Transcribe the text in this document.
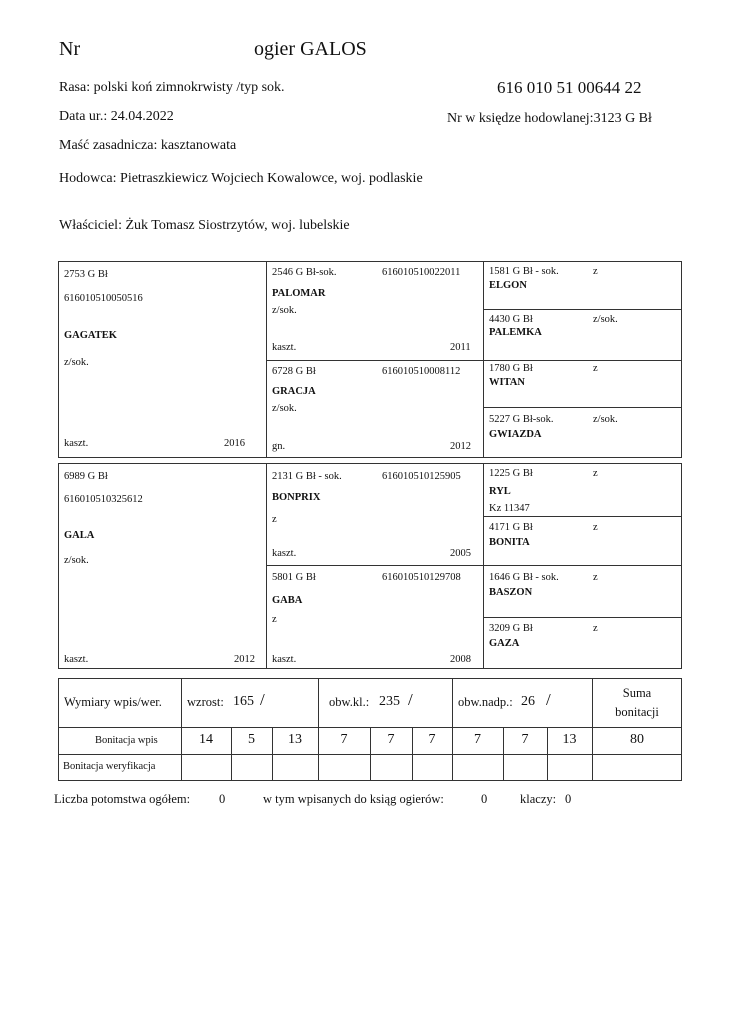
Nr	ogier GALOS
Rasa: polski koń zimnokrwisty /typ sok.	616 010 51 00644 22
Data ur.: 24.04.2022	Nr w księdze hodowlanej:3123 G Bł
Maść zasadnicza: kasztanowata
Hodowca: Pietraszkiewicz Wojciech Kowalowce, woj. podlaskie
Właściciel: Żuk Tomasz Siostrzytów, woj. lubelskie
2753 G Bł
616010510050516
GAGATEK
z/sok.
kaszt.	2016
2546 G Bł-sok.	616010510022011
PALOMAR
z/sok.
kaszt.	2011
6728 G Bł	616010510008112
GRACJA
z/sok.
gn.	2012
1581 G Bł - sok.	z
ELGON
4430 G Bł	z/sok.
PALEMKA
1780 G Bł	z
WITAN
5227 G Bł-sok.	z/sok.
GWIAZDA
6989 G Bł
616010510325612
GALA
z/sok.
kaszt.	2012
2131 G Bł - sok.	616010510125905
BONPRIX
z
kaszt.	2005
5801 G Bł	616010510129708
GABA
z
kaszt.	2008
1225 G Bł	z
RYL
Kz 11347
4171 G Bł	z
BONITA
1646 G Bł - sok.	z
BASZON
3209 G Bł	z
GAZA
Wymiary wpis/wer. wzrost: 165 /	obw.kl.: 235 /	obw.nadp.: 26 /	Suma
bonitacji
Bonitacja wpis	14	5	13	7	7	7	7	7	13	80
Bonitacja weryfikacja
Liczba potomstwa ogółem: 0	w tym wpisanych do ksiąg ogierów:	0	klaczy: 0
